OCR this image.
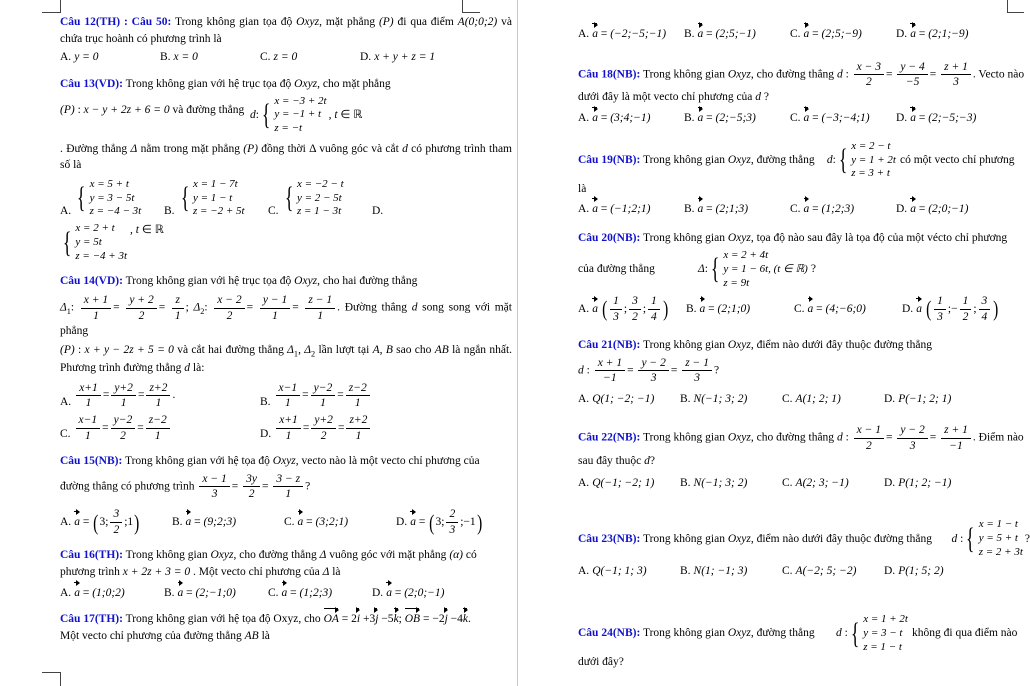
Câu 12(TH) : Câu 50: Trong không gian tọa độ Oxyz, mặt phẳng (P) đi qua điểm A(0;0;2) và chứa trục hoành có phương trình là
A. y = 0	B. x = 0	C. z = 0	D. x + y + z = 1
Câu 13(VD): Trong không gian với hệ trục tọa độ Oxyz, cho mặt phẳng
d: { x = −3 + 2t
y = −1 + t
z = −t
, t ∈ ℝ
(P) : x − y + 2z + 6 = 0 và đường thẳng
. Đường thẳng Δ nằm trong mặt phẳng (P) đồng thời Δ vuông góc và cắt d có phương trình tham số là
A. { x = 5 + t
y = 3 − 5t
z = −4 − 3t B. { x = 1 − 7t
y = 1 − t
z = −2 + 5t C. { x = −2 − t
y = 2 − 5t
z = 1 − 3t	D.
{ x = 2 + t
y = 5t
z = −4 + 3t
, t ∈ ℝ
Câu 14(VD): Trong không gian với hệ trục tọa độ Oxyz, cho hai đường thẳng
$\Delta_1$: $\frac{x + 1}{1} = \frac{y + 2}{2} = \frac{z}{1}$ ; $\Delta_2$: $\frac{x - 2}{2} = \frac{y - 1}{1} = \frac{z - 1}{1}$ . Đường thẳng d song song với mặt phẳng
(P) : x + y − 2z + 5 = 0 và cắt hai đường thẳng $\Delta_1$, $\Delta_2$ lần lượt tại A, B sao cho AB là ngắn nhất. Phương trình đường thẳng d là:
A. $\frac{x+1}{1} = \frac{y+2}{1} = \frac{z+2}{1}$ .
B. $\frac{x-1}{1} = \frac{y-2}{1} = \frac{z-2}{1}$
C. $\frac{x-1}{1} = \frac{y-2}{2} = \frac{z-2}{1}$	D. $\frac{x+1}{1} = \frac{y+2}{2} = \frac{z+2}{1}$
Câu 15(NB): Trong không gian với hệ tọa độ Oxyz, vecto nào là một vecto chỉ phương của
đường thẳng có phương trình $\frac{x - 1}{3} = \frac{3y}{2} = \frac{3 - z}{1}$ ?
A. a = ( 3; $\frac{3}{2}$ ;1 )	B. a = (9;2;3)	C. a = (3;2;1)	D. a = ( 3; $\frac{2}{3}$ ;−1 )
Câu 16(TH): Trong không gian Oxyz, cho đường thẳng Δ vuông góc với mặt phẳng (α) có
phương trình x + 2z + 3 = 0 . Một vecto chỉ phương của Δ là
A. a = (1;0;2)	B. a = (2;−1;0)	C. a = (1;2;3)	D. a = (2;0;−1)
Câu 17(TH): Trong không gian với hệ tọa độ Oxyz, cho OA = 2i +3j −5k; OB = −2j −4k.
Một vecto chỉ phương của đường thẳng AB là
A. a = (−2;−5;−1) B. a = (2;5;−1)	C. a = (2;5;−9)	D. a = (2;1;−9)
Câu 18(NB): Trong không gian Oxyz, cho đường thẳng d : $\frac{x - 3}{2} = \frac{y - 4}{-5} = \frac{z + 1}{3}$ . Vecto nào
dưới đây là một vecto chỉ phương của d ?
A. a = (3;4;−1)	B. a = (2;−5;3)	C. a = (−3;−4;1) D. a = (2;−5;−3)
Câu 19(NB): Trong không gian Oxyz, đường thẳng	d: { x = 2 − t
y = 1 + 2t
z = 3 + t
có một vecto chỉ phương
là
A. a = (−1;2;1)	B. a = (2;1;3)	C. a = (1;2;3)	D. a = (2;0;−1)
Câu 20(NB): Trong không gian Oxyz, tọa độ nào sau đây là tọa độ của một vécto chỉ phương
của đường thẳng	Δ: { x = 2 + 4t
y = 1 − 6t, (t ∈ ℝ)
z = 9t
?
A. a
( $\frac{1}{3}$ ; $\frac{3}{2}$ ; $\frac{1}{4}$ ) B. a = (2;1;0)	C. a = (4;−6;0)	D. a
( $\frac{1}{3}$ ;− $\frac{1}{2}$ ; $\frac{3}{4}$ )
Câu 21(NB): Trong không gian Oxyz, điểm nào dưới đây thuộc đường thẳng
d : $\frac{x + 1}{-1} = \frac{y - 2}{3} = \frac{z - 1}{3}$ ?
A. Q(1; −2; −1) B. N(−1; 3; 2)	C. A(1; 2; 1)	D. P(−1; 2; 1)
Câu 22(NB): Trong không gian Oxyz, cho đường thẳng d : $\frac{x - 1}{2} = \frac{y - 2}{3} = \frac{z + 1}{-1}$ . Điểm nào
sau đây thuộc d?
A. Q(−1; −2; 1) B. N(−1; 3; 2)	C. A(2; 3; −1)	D. P(1; 2; −1)
Câu 23(NB): Trong không gian Oxyz, điểm nào dưới đây thuộc đường thẳng	d : { x = 1 − t
y = 5 + t
z = 2 + 3t
?
A. Q(−1; 1; 3)	B. N(1; −1; 3)	C. A(−2; 5; −2) D. P(1; 5; 2)
Câu 24(NB): Trong không gian Oxyz, đường thẳng	d : { x = 1 + 2t
y = 3 − t
z = 1 − t
không đi qua điểm nào
dưới đây?
